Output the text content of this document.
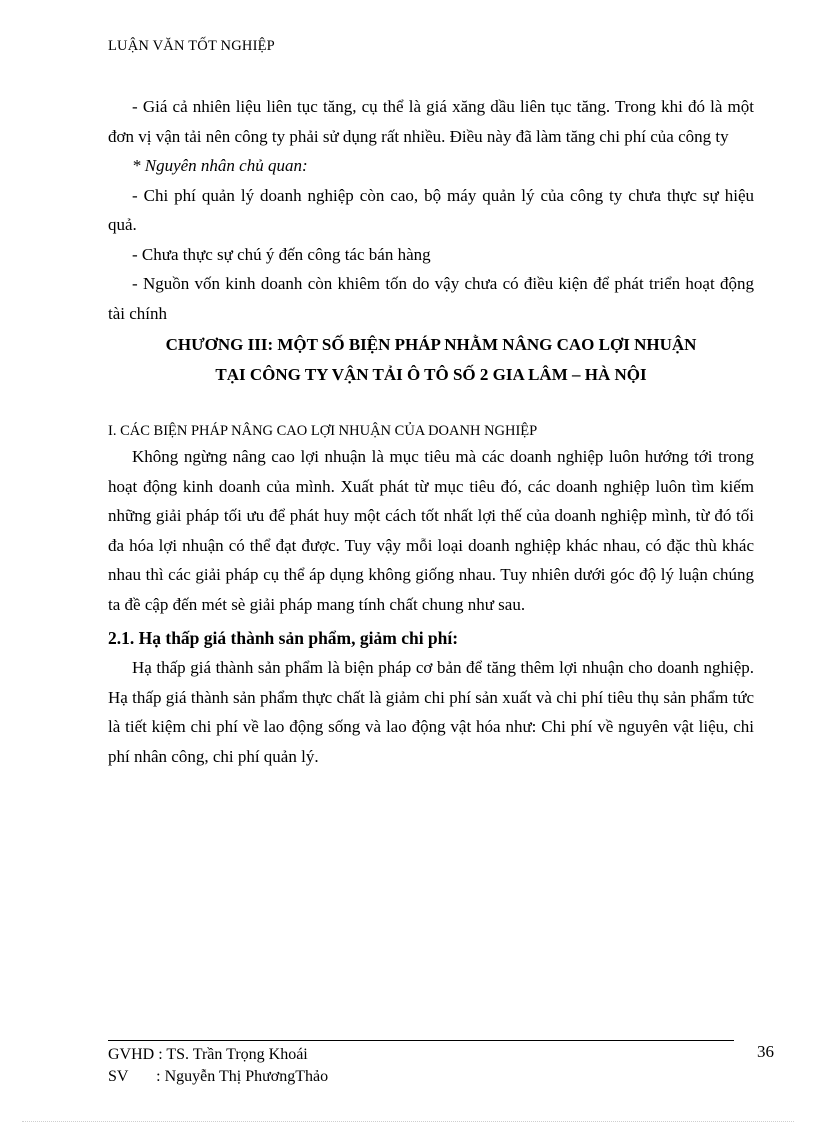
LUẬN VĂN TỐT NGHIỆP

- Giá cả nhiên liệu liên tục tăng, cụ thể là giá xăng dầu liên tục tăng. Trong khi đó là một đơn vị vận tải nên công ty phải sử dụng rất nhiều. Điều này đã làm tăng chi phí của công ty

* Nguyên nhân chủ quan:

- Chi phí quản lý doanh nghiệp còn cao, bộ máy quản lý của công ty chưa thực sự hiệu quả.

- Chưa thực sự chú ý đến công tác bán hàng

- Nguồn vốn kinh doanh còn khiêm tốn do vậy chưa có điều kiện để phát triển hoạt động tài chính

CHƯƠNG III: MỘT SỐ BIỆN PHÁP NHẰM NÂNG CAO LỢI NHUẬN
TẠI CÔNG TY VẬN TẢI Ô TÔ SỐ 2 GIA LÂM – HÀ NỘI
I. CÁC BIỆN PHÁP NÂNG CAO LỢI NHUẬN CỦA DOANH NGHIỆP

Không ngừng nâng cao lợi nhuận là mục tiêu mà các doanh nghiệp luôn hướng tới trong hoạt động kinh doanh của mình. Xuất phát từ mục tiêu đó, các doanh nghiệp luôn tìm kiếm những giải pháp tối ưu để phát huy một cách tốt nhất lợi thế của doanh nghiệp mình, từ đó tối đa hóa lợi nhuận có thể đạt được. Tuy vậy mỗi loại doanh nghiệp khác nhau, có đặc thù khác nhau thì các giải pháp cụ thể áp dụng không giống nhau. Tuy nhiên dưới góc độ lý luận chúng ta đề cập đến mét sè giải pháp mang tính chất chung như sau.

2.1. Hạ thấp giá thành sản phẩm, giảm chi phí:

Hạ thấp giá thành sản phẩm là biện pháp cơ bản để tăng thêm lợi nhuận cho doanh nghiệp. Hạ thấp giá thành sản phẩm thực chất là giảm chi phí sản xuất và chi phí tiêu thụ sản phẩm tức là tiết kiệm chi phí về lao động sống và lao động vật hóa như: Chi phí về nguyên vật liệu, chi phí nhân công, chi phí quản lý.

GVHD : TS. Trần Trọng Khoái
SV       : Nguyễn Thị PhươngThảo
36
